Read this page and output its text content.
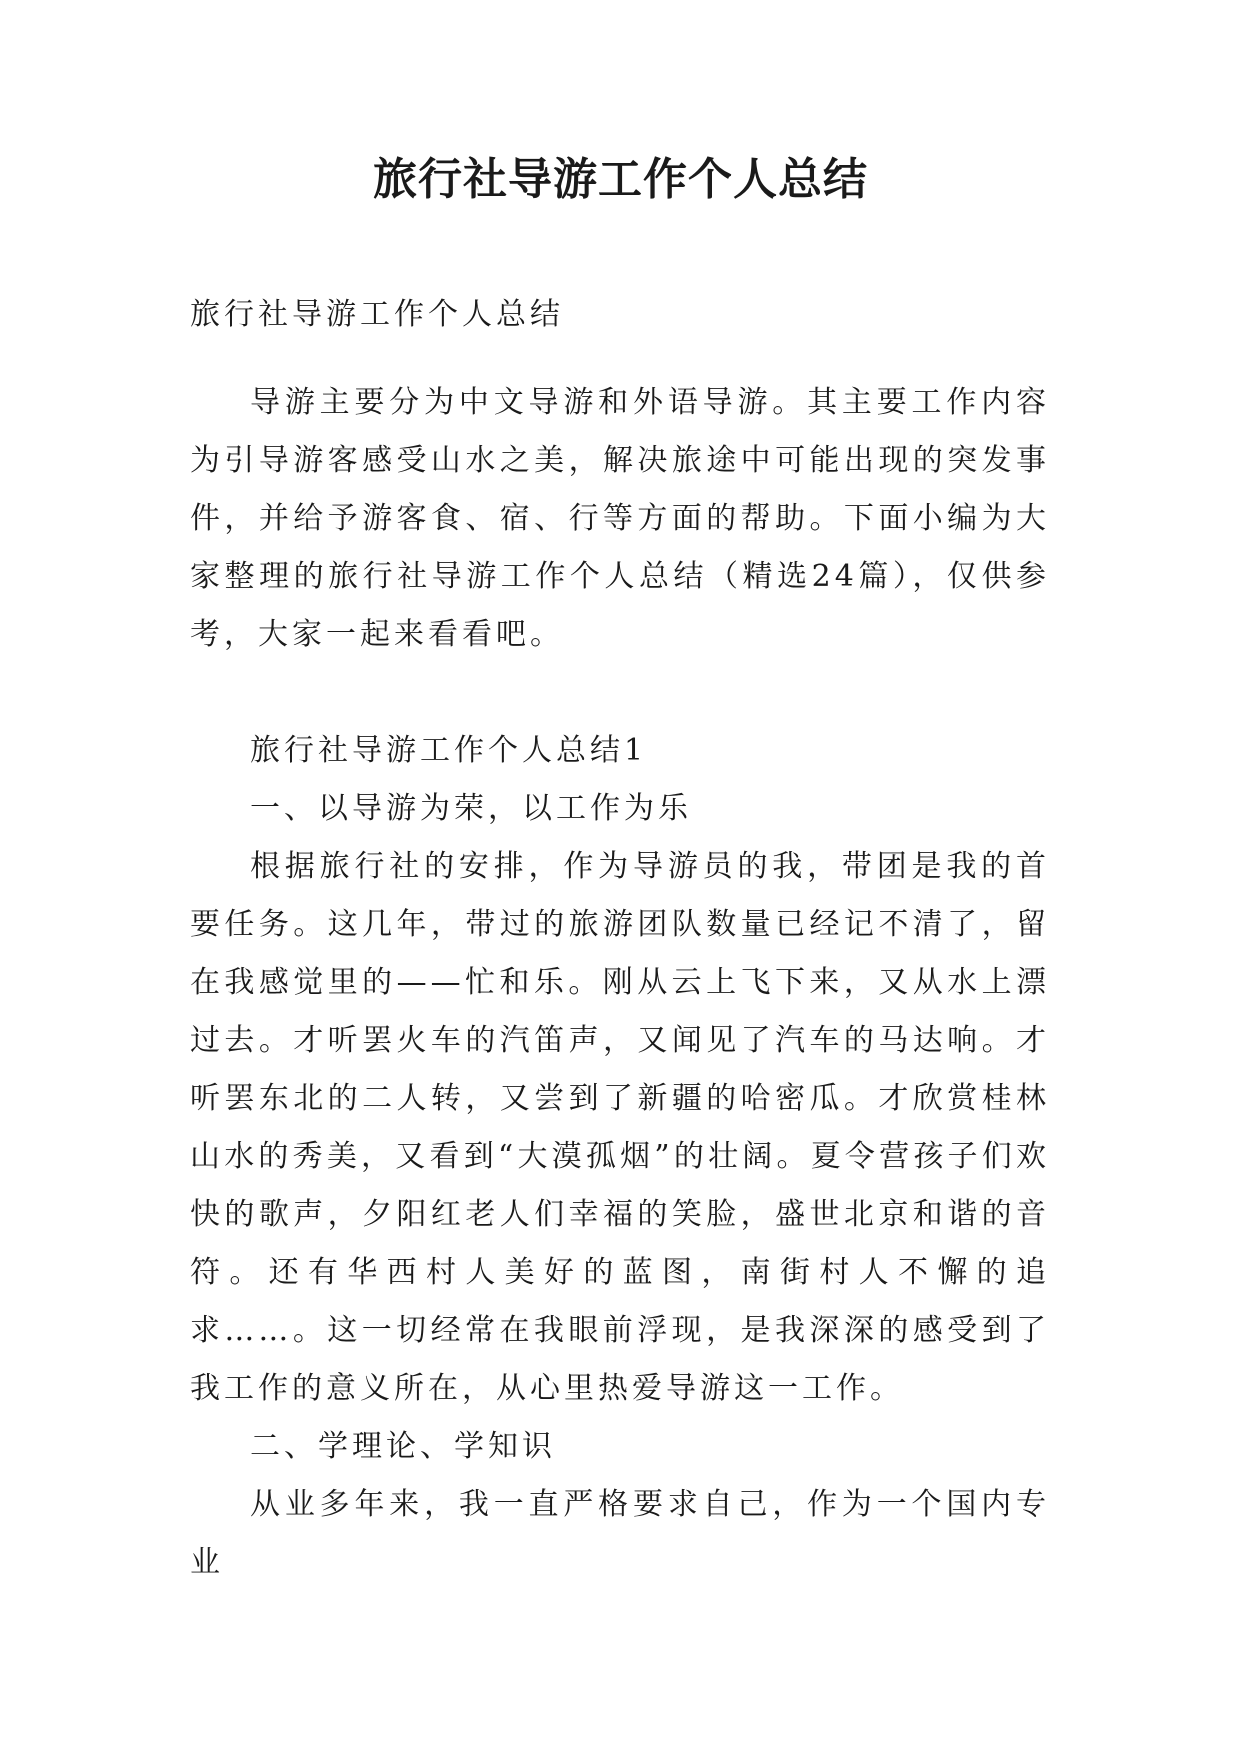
旅行社导游工作个人总结

旅行社导游工作个人总结

导游主要分为中文导游和外语导游。其主要工作内容为引导游客感受山水之美，解决旅途中可能出现的突发事件，并给予游客食、宿、行等方面的帮助。下面小编为大家整理的旅行社导游工作个人总结（精选24篇），仅供参考，大家一起来看看吧。

旅行社导游工作个人总结1

一、以导游为荣，以工作为乐

根据旅行社的安排，作为导游员的我，带团是我的首要任务。这几年，带过的旅游团队数量已经记不清了，留在我感觉里的——忙和乐。刚从云上飞下来，又从水上漂过去。才听罢火车的汽笛声，又闻见了汽车的马达响。才听罢东北的二人转，又尝到了新疆的哈密瓜。才欣赏桂林山水的秀美，又看到“大漠孤烟”的壮阔。夏令营孩子们欢快的歌声，夕阳红老人们幸福的笑脸，盛世北京和谐的音符。还有华西村人美好的蓝图，南街村人不懈的追求……。这一切经常在我眼前浮现，是我深深的感受到了我工作的意义所在，从心里热爱导游这一工作。

二、学理论、学知识

从业多年来，我一直严格要求自己，作为一个国内专业
